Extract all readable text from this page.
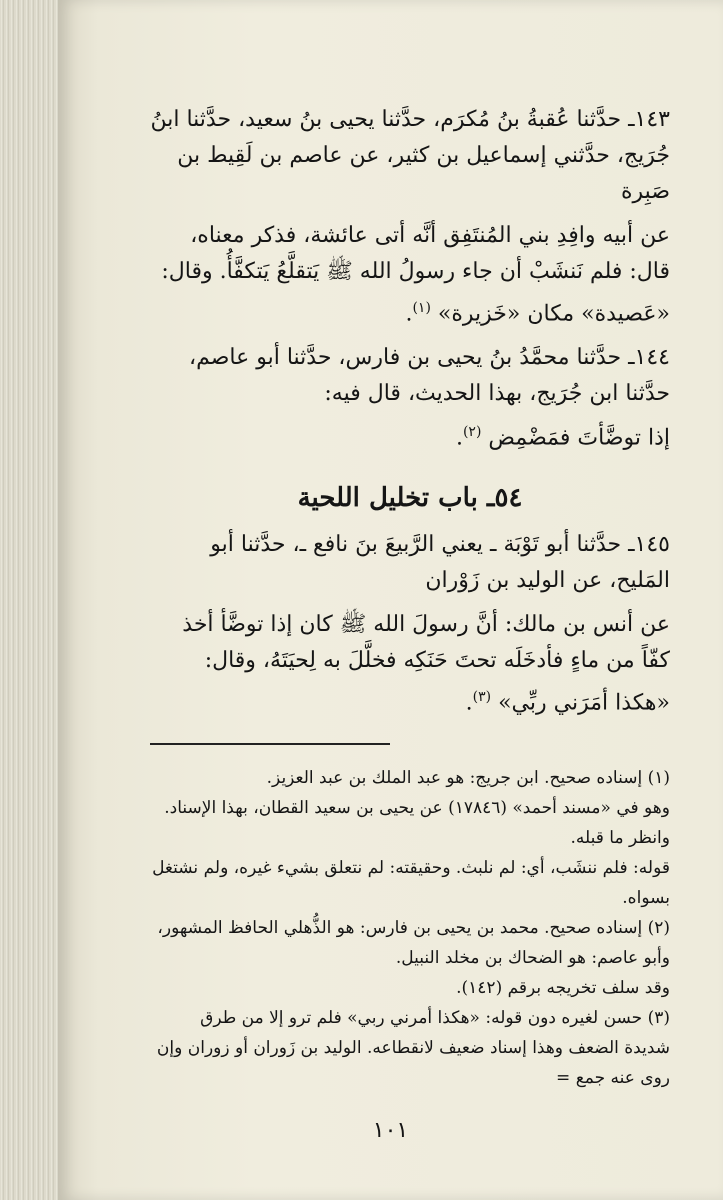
١٤٣ـ حدَّثنا عُقبةُ بنُ مُكرَم، حدَّثنا يحيى بنُ سعيد، حدَّثنا ابنُ جُرَيج، حدَّثني إسماعيل بن كثير، عن عاصم بن لَقِيط بن صَبِرة

عن أبيه وافِدِ بني المُنتَفِق أنَّه أتى عائشة، فذكر معناه، قال: فلم نَنشَبْ أن جاء رسولُ الله ﷺ يَتقلَّعُ يَتكفَّأُ. وقال: «عَصيدة» مكان «خَزيرة» $^{(١)}$.

١٤٤ـ حدَّثنا محمَّدُ بنُ يحيى بن فارس، حدَّثنا أبو عاصم، حدَّثنا ابن جُرَيج، بهذا الحديث، قال فيه:

إذا توضَّأتَ فمَضْمِض $^{(٢)}$.

٥٤ـ باب تخليل اللحية

١٤٥ـ حدَّثنا أبو تَوْبَة ـ يعني الرَّبيعَ بنَ نافع ـ، حدَّثنا أبو المَليح، عن الوليد بن زَوْران

عن أنس بن مالك: أنَّ رسولَ الله ﷺ كان إذا توضَّأ أخذ كفّاً من ماءٍ فأدخَلَه تحتَ حَنَكِه فخلَّلَ به لِحيَتَهُ، وقال: «هكذا أمَرَني ربِّي» $^{(٣)}$.

(١) إسناده صحيح. ابن جريج: هو عبد الملك بن عبد العزيز.

وهو في «مسند أحمد» (١٧٨٤٦) عن يحيى بن سعيد القطان، بهذا الإسناد.

وانظر ما قبله.

قوله: فلم ننشَب، أي: لم نلبث. وحقيقته: لم نتعلق بشيء غيره، ولم نشتغل بسواه.

(٢) إسناده صحيح. محمد بن يحيى بن فارس: هو الذُّهلي الحافظ المشهور، وأبو عاصم: هو الضحاك بن مخلد النبيل.

وقد سلف تخريجه برقم (١٤٢).

(٣) حسن لغيره دون قوله: «هكذا أمرني ربي» فلم ترو إلا من طرق شديدة الضعف وهذا إسناد ضعيف لانقطاعه. الوليد بن زَوران أو زوران وإن روى عنه جمع =

١٠١
